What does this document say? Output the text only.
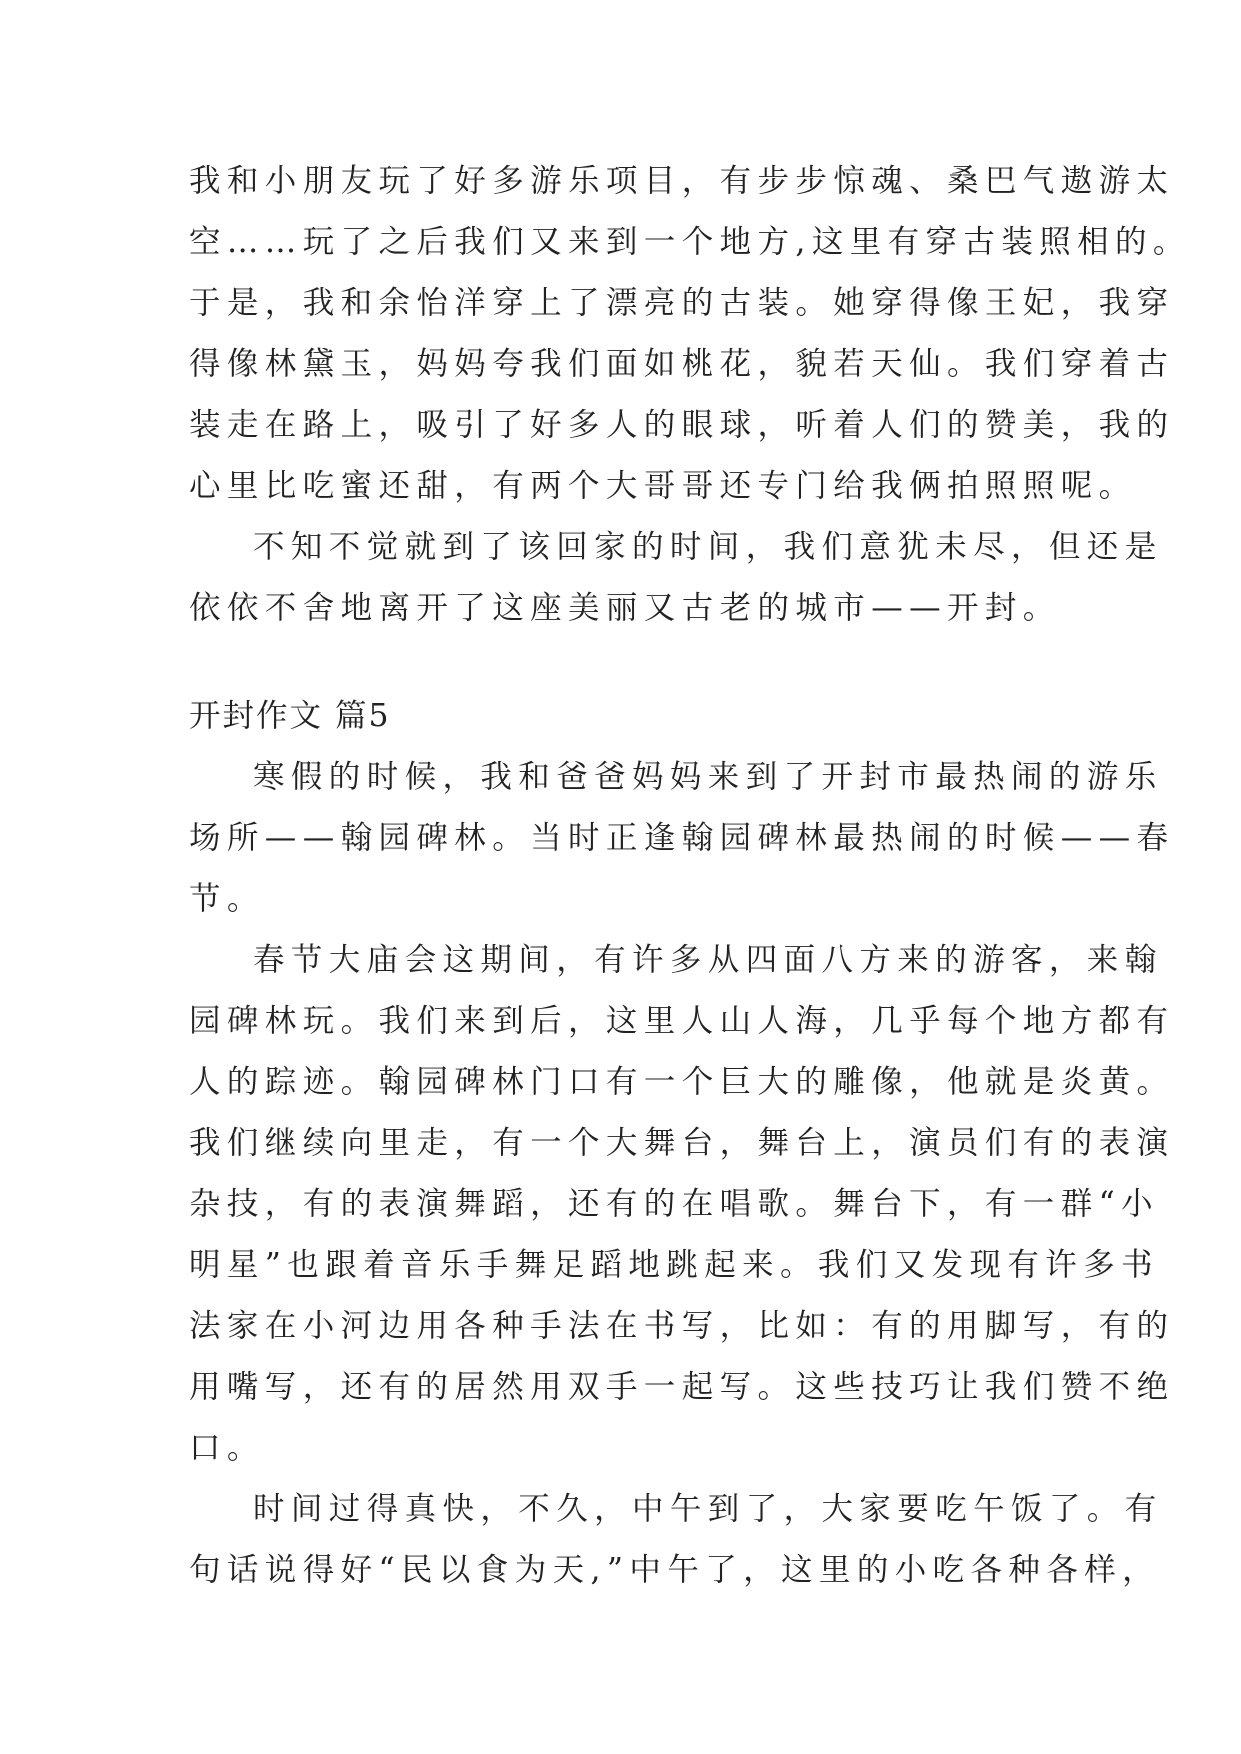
我和小朋友玩了好多游乐项目，有步步惊魂、桑巴气遨游太
空……玩了之后我们又来到一个地方,这里有穿古装照相的。
于是，我和余怡洋穿上了漂亮的古装。她穿得像王妃，我穿
得像林黛玉，妈妈夸我们面如桃花，貌若天仙。我们穿着古
装走在路上，吸引了好多人的眼球，听着人们的赞美，我的
心里比吃蜜还甜，有两个大哥哥还专门给我俩拍照照呢。
不知不觉就到了该回家的时间，我们意犹未尽，但还是
依依不舍地离开了这座美丽又古老的城市——开封。
开封作文 篇5
寒假的时候，我和爸爸妈妈来到了开封市最热闹的游乐
场所——翰园碑林。当时正逢翰园碑林最热闹的时候——春
节。
春节大庙会这期间，有许多从四面八方来的游客，来翰
园碑林玩。我们来到后，这里人山人海，几乎每个地方都有
人的踪迹。翰园碑林门口有一个巨大的雕像，他就是炎黄。
我们继续向里走，有一个大舞台，舞台上，演员们有的表演
杂技，有的表演舞蹈，还有的在唱歌。舞台下，有一群“小
明星”也跟着音乐手舞足蹈地跳起来。我们又发现有许多书
法家在小河边用各种手法在书写，比如：有的用脚写，有的
用嘴写，还有的居然用双手一起写。这些技巧让我们赞不绝
口。
时间过得真快，不久，中午到了，大家要吃午饭了。有
句话说得好“民以食为天,”中午了，这里的小吃各种各样，
